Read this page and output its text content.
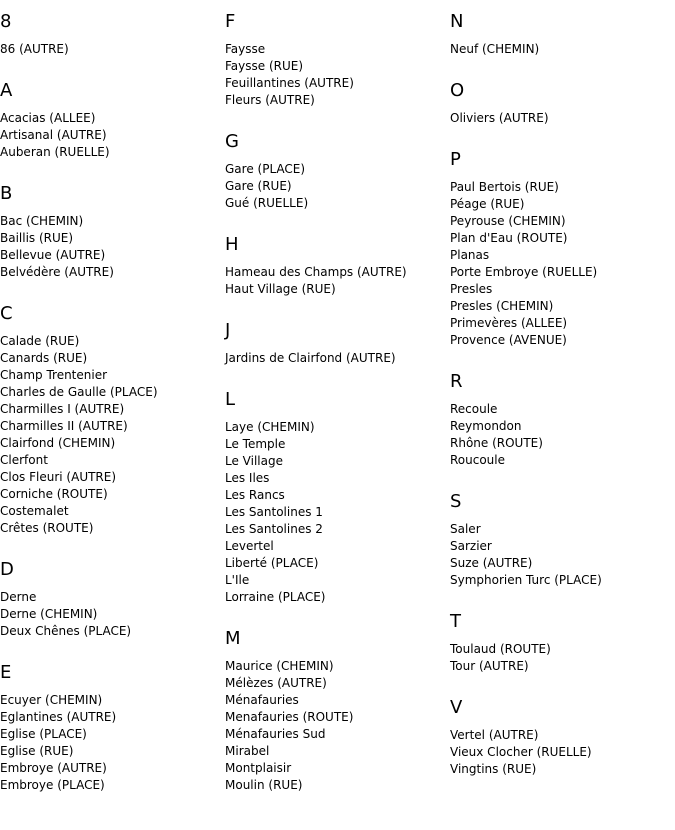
8
86 (AUTRE)
A
Acacias (ALLEE)
Artisanal (AUTRE)
Auberan (RUELLE)
B
Bac (CHEMIN)
Baillis (RUE)
Bellevue (AUTRE)
Belvédère (AUTRE)
C
Calade (RUE)
Canards (RUE)
Champ Trentenier
Charles de Gaulle (PLACE)
Charmilles I (AUTRE)
Charmilles II (AUTRE)
Clairfond (CHEMIN)
Clerfont
Clos Fleuri (AUTRE)
Corniche (ROUTE)
Costemalet
Crêtes (ROUTE)
D
Derne
Derne (CHEMIN)
Deux Chênes (PLACE)
E
Ecuyer (CHEMIN)
Eglantines (AUTRE)
Eglise (PLACE)
Eglise (RUE)
Embroye (AUTRE)
Embroye (PLACE)
F
Faysse
Faysse (RUE)
Feuillantines (AUTRE)
Fleurs (AUTRE)
G
Gare (PLACE)
Gare (RUE)
Gué (RUELLE)
H
Hameau des Champs (AUTRE)
Haut Village (RUE)
J
Jardins de Clairfond (AUTRE)
L
Laye (CHEMIN)
Le Temple
Le Village
Les Iles
Les Rancs
Les Santolines 1
Les Santolines 2
Levertel
Liberté (PLACE)
L'Ile
Lorraine (PLACE)
M
Maurice (CHEMIN)
Mélèzes (AUTRE)
Ménafauries
Menafauries (ROUTE)
Ménafauries Sud
Mirabel
Montplaisir
Moulin (RUE)
N
Neuf (CHEMIN)
O
Oliviers (AUTRE)
P
Paul Bertois (RUE)
Péage (RUE)
Peyrouse (CHEMIN)
Plan d'Eau (ROUTE)
Planas
Porte Embroye (RUELLE)
Presles
Presles (CHEMIN)
Primevères (ALLEE)
Provence (AVENUE)
R
Recoule
Reymondon
Rhône (ROUTE)
Roucoule
S
Saler
Sarzier
Suze (AUTRE)
Symphorien Turc (PLACE)
T
Toulaud (ROUTE)
Tour (AUTRE)
V
Vertel (AUTRE)
Vieux Clocher (RUELLE)
Vingtins (RUE)
